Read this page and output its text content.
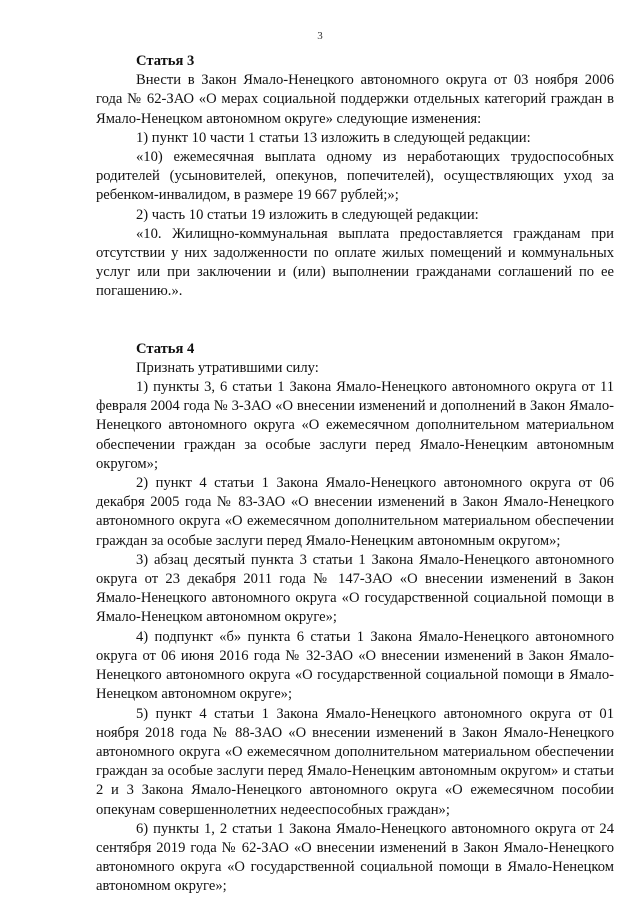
3

Статья 3

Внести в Закон Ямало-Ненецкого автономного округа от 03 ноября 2006 года № 62-ЗАО «О мерах социальной поддержки отдельных категорий граждан в Ямало-Ненецком автономном округе» следующие изменения:

1) пункт 10 части 1 статьи 13 изложить в следующей редакции:

«10) ежемесячная выплата одному из неработающих трудоспособных родителей (усыновителей, опекунов, попечителей), осуществляющих уход за ребенком-инвалидом, в размере 19 667 рублей;»;

2) часть 10 статьи 19 изложить в следующей редакции:

«10. Жилищно-коммунальная выплата предоставляется гражданам при отсутствии у них задолженности по оплате жилых помещений и коммунальных услуг или при заключении и (или) выполнении гражданами соглашений по ее погашению.».

Статья 4

Признать утратившими силу:

1) пункты 3, 6 статьи 1 Закона Ямало-Ненецкого автономного округа от 11 февраля 2004 года № 3-ЗАО «О внесении изменений и дополнений в Закон Ямало-Ненецкого автономного округа «О ежемесячном дополнительном материальном обеспечении граждан за особые заслуги перед Ямало-Ненецким автономным округом»;

2) пункт 4 статьи 1 Закона Ямало-Ненецкого автономного округа от 06 декабря 2005 года № 83-ЗАО «О внесении изменений в Закон Ямало-Ненецкого автономного округа «О ежемесячном дополнительном материальном обеспечении граждан за особые заслуги перед Ямало-Ненецким автономным округом»;

3) абзац десятый пункта 3 статьи 1 Закона Ямало-Ненецкого автономного округа от 23 декабря 2011 года № 147-ЗАО «О внесении изменений в Закон Ямало-Ненецкого автономного округа «О государственной социальной помощи в Ямало-Ненецком автономном округе»;

4) подпункт «б» пункта 6 статьи 1 Закона Ямало-Ненецкого автономного округа от 06 июня 2016 года № 32-ЗАО «О внесении изменений в Закон Ямало-Ненецкого автономного округа «О государственной социальной помощи в Ямало-Ненецком автономном округе»;

5) пункт 4 статьи 1 Закона Ямало-Ненецкого автономного округа от 01 ноября 2018 года № 88-ЗАО «О внесении изменений в Закон Ямало-Ненецкого автономного округа «О ежемесячном дополнительном материальном обеспечении граждан за особые заслуги перед Ямало-Ненецким автономным округом» и статьи 2 и 3 Закона Ямало-Ненецкого автономного округа «О ежемесячном пособии опекунам совершеннолетних недееспособных граждан»;

6) пункты 1, 2 статьи 1 Закона Ямало-Ненецкого автономного округа от 24 сентября 2019 года № 62-ЗАО «О внесении изменений в Закон Ямало-Ненецкого автономного округа «О государственной социальной помощи в Ямало-Ненецком автономном округе»;
